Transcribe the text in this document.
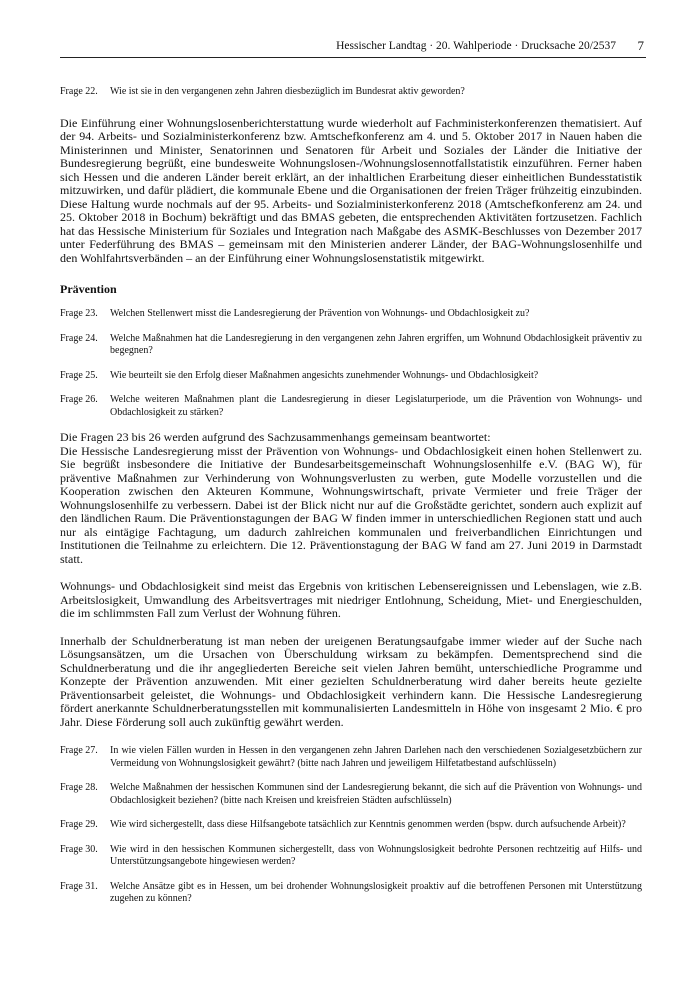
Hessischer Landtag · 20. Wahlperiode · Drucksache 20/2537 7
Frage 22.	Wie ist sie in den vergangenen zehn Jahren diesbezüglich im Bundesrat aktiv geworden?

Die Einführung einer Wohnungslosenberichterstattung wurde wiederholt auf Fachministerkonferenzen thematisiert. Auf der 94. Arbeits- und Sozialministerkonferenz bzw. Amtschefkonferenz am 4. und 5. Oktober 2017 in Nauen haben die Ministerinnen und Minister, Senatorinnen und Senatoren für Arbeit und Soziales der Länder die Initiative der Bundesregierung begrüßt, eine bundesweite Wohnungslosen-/Wohnungslosennotfallstatistik einzuführen. Ferner haben sich Hessen und die anderen Länder bereit erklärt, an der inhaltlichen Erarbeitung dieser einheitlichen Bundesstatistik mitzuwirken, und dafür plädiert, die kommunale Ebene und die Organisationen der freien Träger frühzeitig einzubinden. Diese Haltung wurde nochmals auf der 95. Arbeits- und Sozialministerkonferenz 2018 (Amtschefkonferenz am 24. und 25. Oktober 2018 in Bochum) bekräftigt und das BMAS gebeten, die entsprechenden Aktivitäten fortzusetzen. Fachlich hat das Hessische Ministerium für Soziales und Integration nach Maßgabe des ASMK-Beschlusses von Dezember 2017 unter Federführung des BMAS – gemeinsam mit den Ministerien anderer Länder, der BAG-Wohnungslosenhilfe und den Wohlfahrtsverbänden – an der Einführung einer Wohnungslosenstatistik mitgewirkt.

Prävention
Frage 23.	Welchen Stellenwert misst die Landesregierung der Prävention von Wohnungs- und Obdachlosigkeit zu?
Frage 24.	Welche Maßnahmen hat die Landesregierung in den vergangenen zehn Jahren ergriffen, um Wohnund Obdachlosigkeit präventiv zu begegnen?
Frage 25.	Wie beurteilt sie den Erfolg dieser Maßnahmen angesichts zunehmender Wohnungs- und Obdachlosigkeit?
Frage 26.	Welche weiteren Maßnahmen plant die Landesregierung in dieser Legislaturperiode, um die Prävention von Wohnungs- und Obdachlosigkeit zu stärken?

Die Fragen 23 bis 26 werden aufgrund des Sachzusammenhangs gemeinsam beantwortet:

Die Hessische Landesregierung misst der Prävention von Wohnungs- und Obdachlosigkeit einen hohen Stellenwert zu. Sie begrüßt insbesondere die Initiative der Bundesarbeitsgemeinschaft Wohnungslosenhilfe e.V. (BAG W), für präventive Maßnahmen zur Verhinderung von Wohnungsverlusten zu werben, gute Modelle vorzustellen und die Kooperation zwischen den Akteuren Kommune, Wohnungswirtschaft, private Vermieter und freie Träger der Wohnungslosenhilfe zu verbessern. Dabei ist der Blick nicht nur auf die Großstädte gerichtet, sondern auch explizit auf den ländlichen Raum. Die Präventionstagungen der BAG W finden immer in unterschiedlichen Regionen statt und auch nur als eintägige Fachtagung, um dadurch zahlreichen kommunalen und freiverbandlichen Einrichtungen und Institutionen die Teilnahme zu erleichtern. Die 12. Präventionstagung der BAG W fand am 27. Juni 2019 in Darmstadt statt.

Wohnungs- und Obdachlosigkeit sind meist das Ergebnis von kritischen Lebensereignissen und Lebenslagen, wie z.B. Arbeitslosigkeit, Umwandlung des Arbeitsvertrages mit niedriger Entlohnung, Scheidung, Miet- und Energieschulden, die im schlimmsten Fall zum Verlust der Wohnung führen.

Innerhalb der Schuldnerberatung ist man neben der ureigenen Beratungsaufgabe immer wieder auf der Suche nach Lösungsansätzen, um die Ursachen von Überschuldung wirksam zu bekämpfen. Dementsprechend sind die Schuldnerberatung und die ihr angegliederten Bereiche seit vielen Jahren bemüht, unterschiedliche Programme und Konzepte der Prävention anzuwenden. Mit einer gezielten Schuldnerberatung wird daher bereits heute gezielte Präventionsarbeit geleistet, die Wohnungs- und Obdachlosigkeit verhindern kann. Die Hessische Landesregierung fördert anerkannte Schuldnerberatungsstellen mit kommunalisierten Landesmitteln in Höhe von insgesamt 2 Mio. € pro Jahr. Diese Förderung soll auch zukünftig gewährt werden.

Frage 27.	In wie vielen Fällen wurden in Hessen in den vergangenen zehn Jahren Darlehen nach den verschiedenen Sozialgesetzbüchern zur Vermeidung von Wohnungslosigkeit gewährt? (bitte nach Jahren und jeweiligem Hilfetatbestand aufschlüsseln)
Frage 28.	Welche Maßnahmen der hessischen Kommunen sind der Landesregierung bekannt, die sich auf die Prävention von Wohnungs- und Obdachlosigkeit beziehen? (bitte nach Kreisen und kreisfreien Städten aufschlüsseln)
Frage 29.	Wie wird sichergestellt, dass diese Hilfsangebote tatsächlich zur Kenntnis genommen werden (bspw. durch aufsuchende Arbeit)?
Frage 30.	Wie wird in den hessischen Kommunen sichergestellt, dass von Wohnungslosigkeit bedrohte Personen rechtzeitig auf Hilfs- und Unterstützungsangebote hingewiesen werden?
Frage 31.	Welche Ansätze gibt es in Hessen, um bei drohender Wohnungslosigkeit proaktiv auf die betroffenen Personen mit Unterstützung zugehen zu können?
